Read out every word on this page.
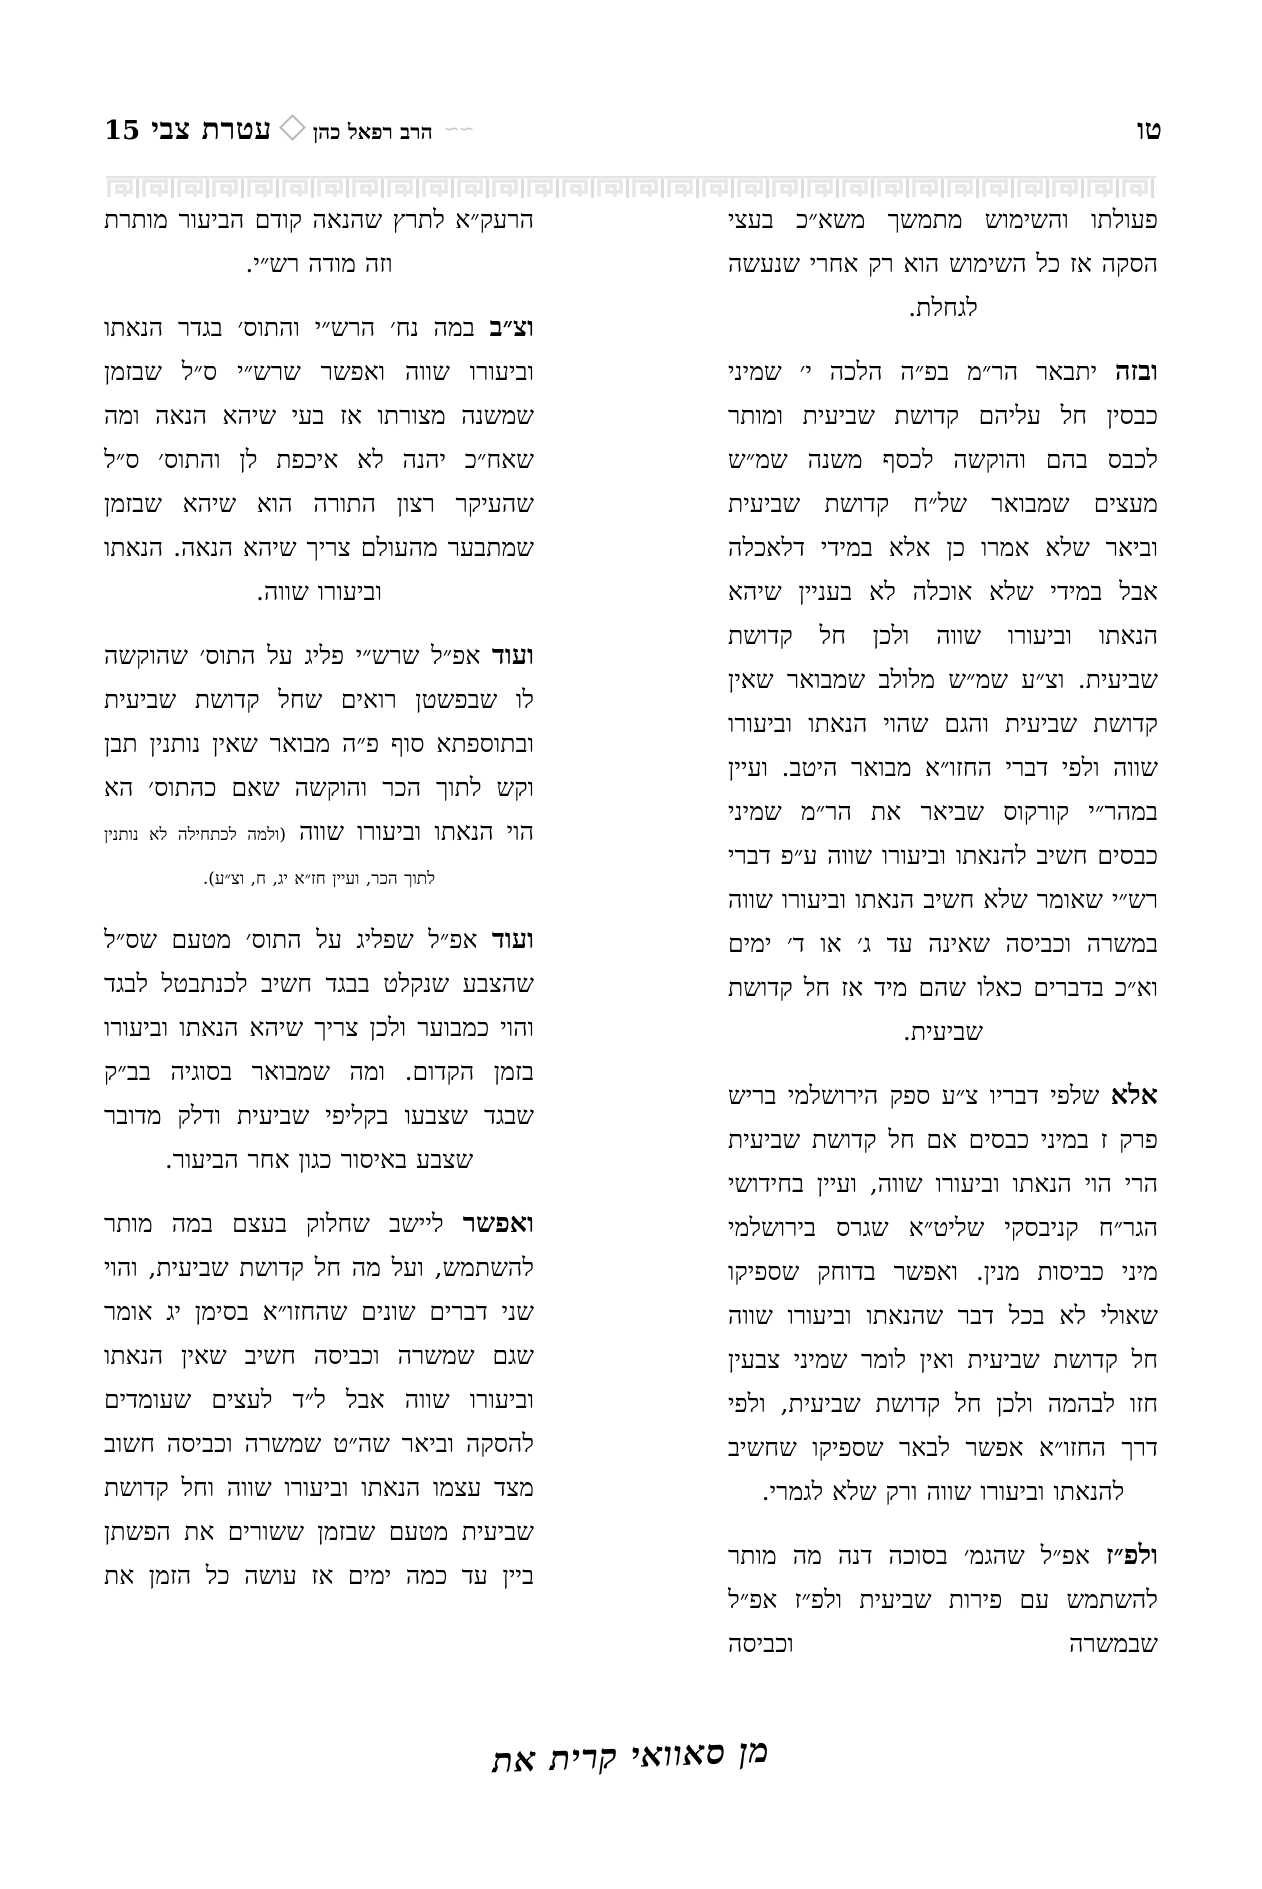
15 עטרת צבי הרב רפאל כהן ∼∼	טו

הרעק״א לתרץ שהנאה קודם הביעור מותרת וזה מודה רש״י.

וצ״ב במה נח׳ הרש״י והתוס׳ בגדר הנאתו וביעורו שווה ואפשר שרש״י ס״ל שבזמן שמשנה מצורתו אז בעי שיהא הנאה ומה שאח״כ יהנה לא איכפת לן והתוס׳ ס״ל שהעיקר רצון התורה הוא שיהא שבזמן שמתבער מהעולם צריך שיהא הנאה. הנאתו וביעורו שווה.

ועוד אפ״ל שרש״י פליג על התוס׳ שהוקשה לו שבפשטן רואים שחל קדושת שביעית ובתוספתא סוף פ״ה מבואר שאין נותנין תבן וקש לתוך הכר והוקשה שאם כהתוס׳ הא הוי הנאתו וביעורו שווה (ולמה לכתחילה לא נותנין לתוך הכר, ועיין חז״א יג, ח, וצ״ע).

ועוד אפ״ל שפליג על התוס׳ מטעם שס״ל שהצבע שנקלט בבגד חשיב לכנתבטל לבגד והוי כמבוער ולכן צריך שיהא הנאתו וביעורו בזמן הקדום. ומה שמבואר בסוגיה בב״ק שבגד שצבעו בקליפי שביעית ודלק מדובר שצבע באיסור כגון אחר הביעור.

ואפשר ליישב שחלוק בעצם במה מותר להשתמש, ועל מה חל קדושת שביעית, והוי שני דברים שונים שהחזו״א בסימן יג אומר שגם שמשרה וכביסה חשיב שאין הנאתו וביעורו שווה אבל ל״ד לעצים שעומדים להסקה וביאר שה״ט שמשרה וכביסה חשוב מצד עצמו הנאתו וביעורו שווה וחל קדושת שביעית מטעם שבזמן ששורים את הפשתן ביין עד כמה ימים אז עושה כל הזמן את

פעולתו והשימוש מתמשך משא״כ בעצי הסקה אז כל השימוש הוא רק אחרי שנעשה לגחלת.

ובזה יתבאר הר״מ בפ״ה הלכה י׳ שמיני כבסין חל עליהם קדושת שביעית ומותר לכבס בהם והוקשה לכסף משנה שמ״ש מעצים שמבואר של״ח קדושת שביעית וביאר שלא אמרו כן אלא במידי דלאכלה אבל במידי שלא אוכלה לא בעניין שיהא הנאתו וביעורו שווה ולכן חל קדושת שביעית. וצ״ע שמ״ש מלולב שמבואר שאין קדושת שביעית והגם שהוי הנאתו וביעורו שווה ולפי דברי החזו״א מבואר היטב. ועיין במהר״י קורקוס שביאר את הר״מ שמיני כבסים חשיב להנאתו וביעורו שווה ע״פ דברי רש״י שאומר שלא חשיב הנאתו וביעורו שווה במשרה וכביסה שאינה עד ג׳ או ד׳ ימים וא״כ בדברים כאלו שהם מיד אז חל קדושת שביעית.

אלא שלפי דבריו צ״ע ספק הירושלמי בריש פרק ז במיני כבסים אם חל קדושת שביעית הרי הוי הנאתו וביעורו שווה, ועיין בחידושי הגר״ח קניבסקי שליט״א שגרס בירושלמי מיני כביסות מנין. ואפשר בדוחק שספיקו שאולי לא בכל דבר שהנאתו וביעורו שווה חל קדושת שביעית ואין לומר שמיני צבעין חזו לבהמה ולכן חל קדושת שביעית, ולפי דרך החזו״א אפשר לבאר שספיקו שחשיב להנאתו וביעורו שווה ורק שלא לגמרי.

ולפ״ז אפ״ל שהגמ׳ בסוכה דנה מה מותר להשתמש עם פירות שביעית ולפ״ז אפ״ל שבמשרה וכביסה

מן סאוואי קרית את
